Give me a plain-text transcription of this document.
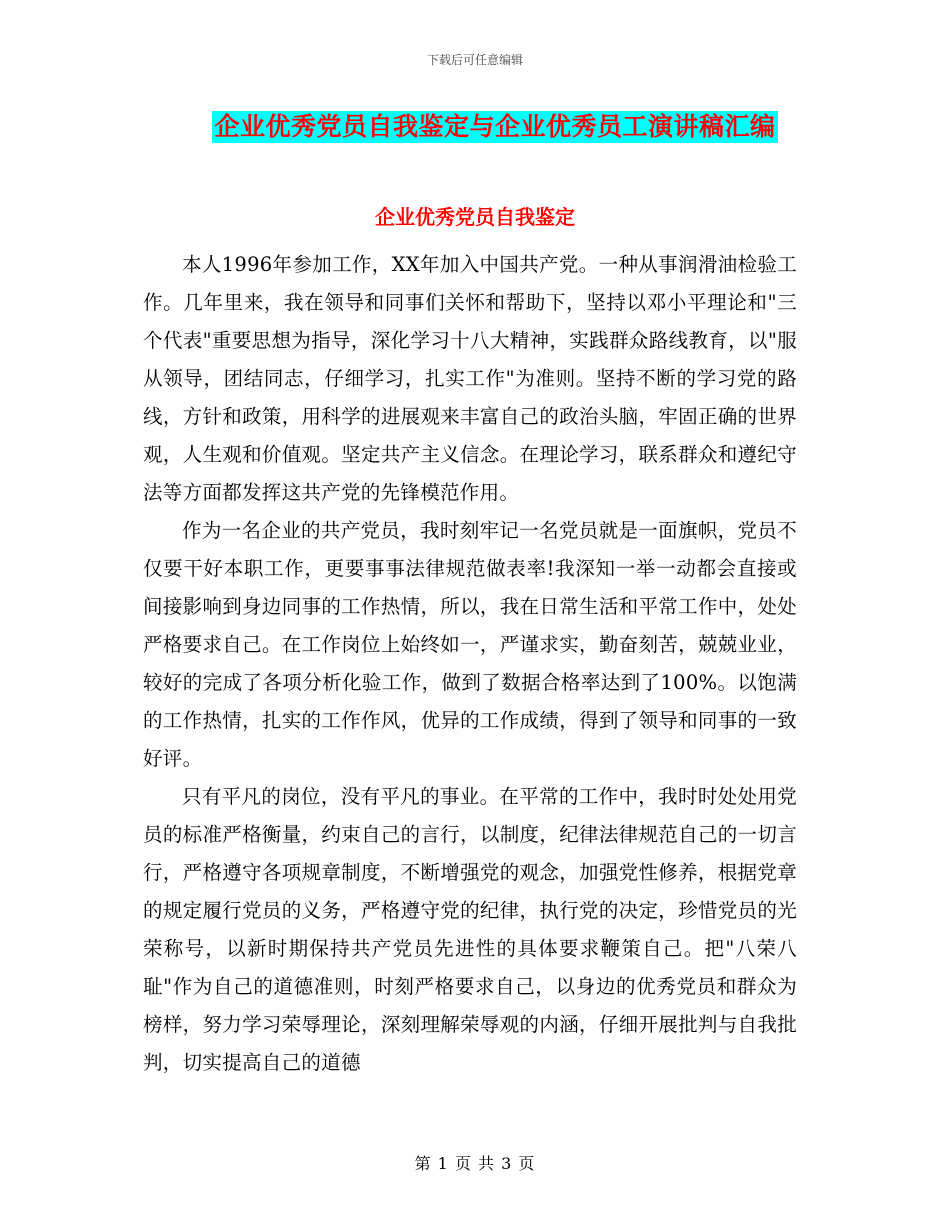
下载后可任意编辑
企业优秀党员自我鉴定与企业优秀员工演讲稿汇编
企业优秀党员自我鉴定

本人1996年参加工作，XX年加入中国共产党。一种从事润滑油检验工作。几年里来，我在领导和同事们关怀和帮助下，坚持以邓小平理论和"三个代表"重要思想为指导，深化学习十八大精神，实践群众路线教育，以"服从领导，团结同志，仔细学习，扎实工作"为准则。坚持不断的学习党的路线，方针和政策，用科学的进展观来丰富自己的政治头脑，牢固正确的世界观，人生观和价值观。坚定共产主义信念。在理论学习，联系群众和遵纪守法等方面都发挥这共产党的先锋模范作用。

作为一名企业的共产党员，我时刻牢记一名党员就是一面旗帜，党员不仅要干好本职工作，更要事事法律规范做表率!我深知一举一动都会直接或间接影响到身边同事的工作热情，所以，我在日常生活和平常工作中，处处严格要求自己。在工作岗位上始终如一，严谨求实，勤奋刻苦，兢兢业业，较好的完成了各项分析化验工作，做到了数据合格率达到了100%。以饱满的工作热情，扎实的工作作风，优异的工作成绩，得到了领导和同事的一致好评。

只有平凡的岗位，没有平凡的事业。在平常的工作中，我时时处处用党员的标准严格衡量，约束自己的言行，以制度，纪律法律规范自己的一切言行，严格遵守各项规章制度，不断增强党的观念，加强党性修养，根据党章的规定履行党员的义务，严格遵守党的纪律，执行党的决定，珍惜党员的光荣称号，以新时期保持共产党员先进性的具体要求鞭策自己。把"八荣八耻"作为自己的道德准则，时刻严格要求自己，以身边的优秀党员和群众为榜样，努力学习荣辱理论，深刻理解荣辱观的内涵，仔细开展批判与自我批判，切实提高自己的道德

第 1 页 共 3 页
